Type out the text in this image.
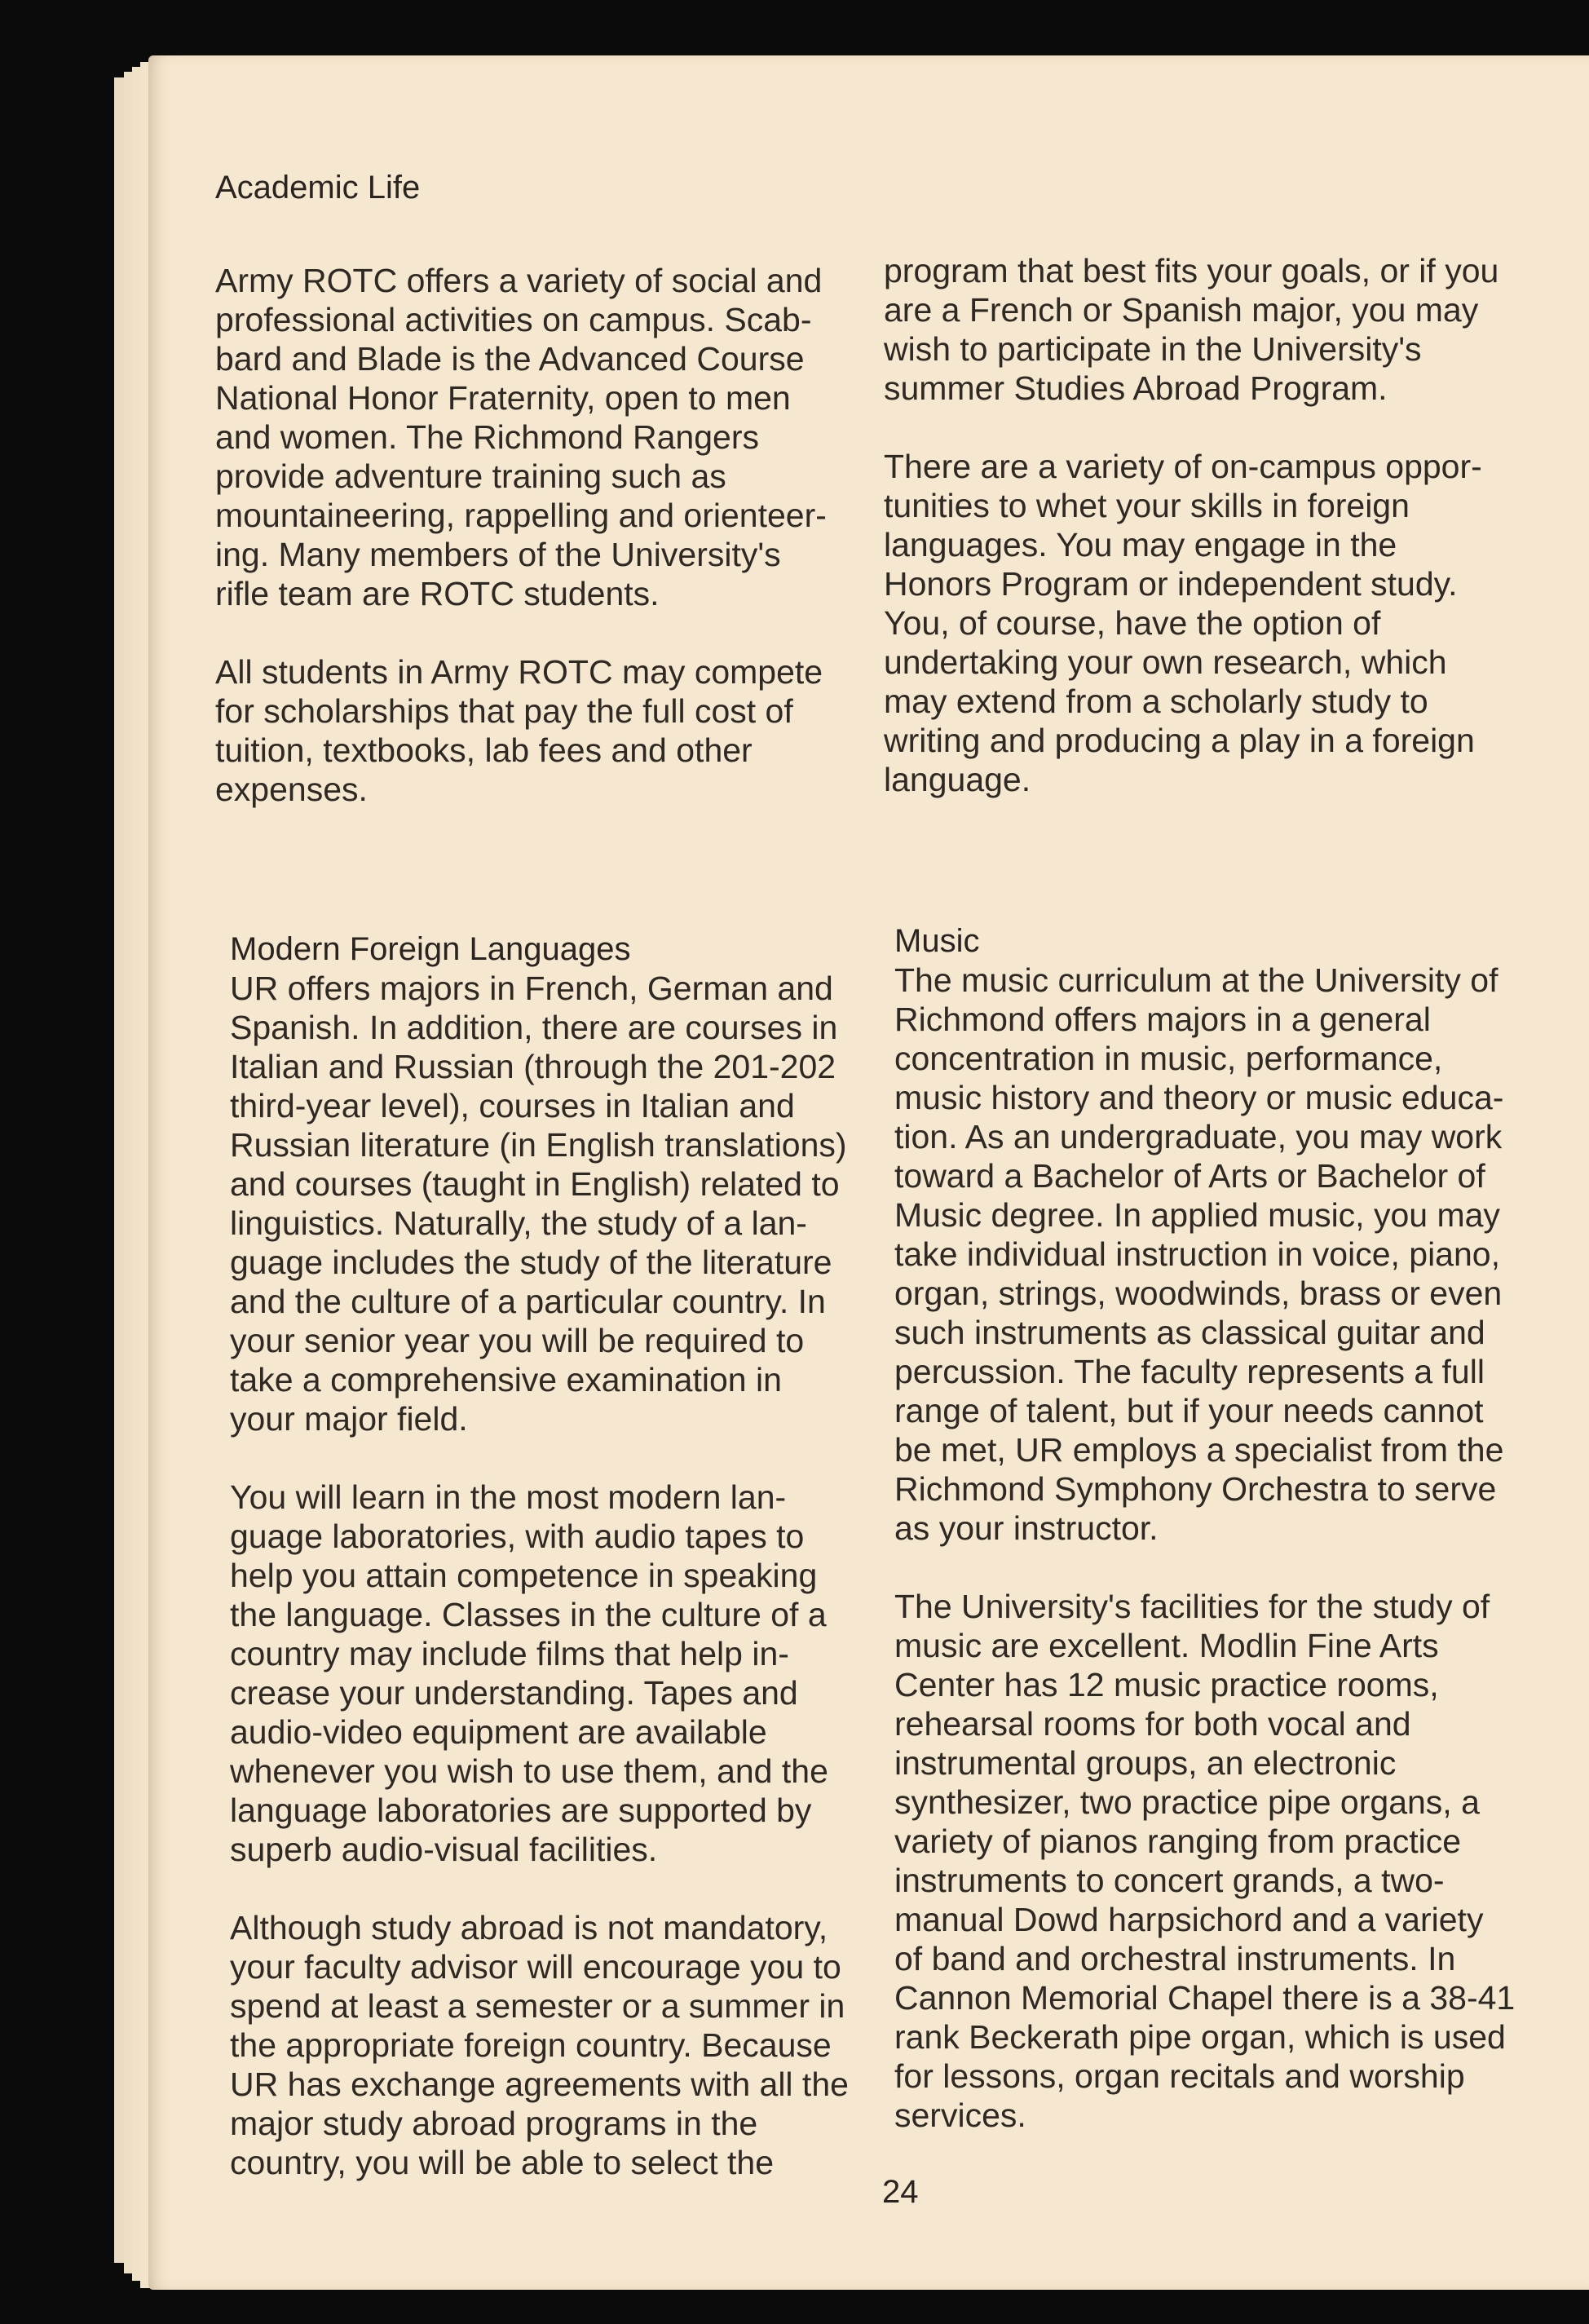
Academic Life

Army ROTC offers a variety of social and
professional activities on campus. Scab-
bard and Blade is the Advanced Course
National Honor Fraternity, open to men
and women. The Richmond Rangers
provide adventure training such as
mountaineering, rappelling and orienteer-
ing. Many members of the University's
rifle team are ROTC students.

All students in Army ROTC may compete
for scholarships that pay the full cost of
tuition, textbooks, lab fees and other
expenses.

program that best fits your goals, or if you
are a French or Spanish major, you may
wish to participate in the University's
summer Studies Abroad Program.

There are a variety of on-campus oppor-
tunities to whet your skills in foreign
languages. You may engage in the
Honors Program or independent study.
You, of course, have the option of
undertaking your own research, which
may extend from a scholarly study to
writing and producing a play in a foreign
language.

Modern Foreign Languages

UR offers majors in French, German and
Spanish. In addition, there are courses in
Italian and Russian (through the 201-202
third-year level), courses in Italian and
Russian literature (in English translations)
and courses (taught in English) related to
linguistics. Naturally, the study of a lan-
guage includes the study of the literature
and the culture of a particular country. In
your senior year you will be required to
take a comprehensive examination in
your major field.

You will learn in the most modern lan-
guage laboratories, with audio tapes to
help you attain competence in speaking
the language. Classes in the culture of a
country may include films that help in-
crease your understanding. Tapes and
audio-video equipment are available
whenever you wish to use them, and the
language laboratories are supported by
superb audio-visual facilities.

Although study abroad is not mandatory,
your faculty advisor will encourage you to
spend at least a semester or a summer in
the appropriate foreign country. Because
UR has exchange agreements with all the
major study abroad programs in the
country, you will be able to select the

Music

The music curriculum at the University of
Richmond offers majors in a general
concentration in music, performance,
music history and theory or music educa-
tion. As an undergraduate, you may work
toward a Bachelor of Arts or Bachelor of
Music degree. In applied music, you may
take individual instruction in voice, piano,
organ, strings, woodwinds, brass or even
such instruments as classical guitar and
percussion. The faculty represents a full
range of talent, but if your needs cannot
be met, UR employs a specialist from the
Richmond Symphony Orchestra to serve
as your instructor.

The University's facilities for the study of
music are excellent. Modlin Fine Arts
Center has 12 music practice rooms,
rehearsal rooms for both vocal and
instrumental groups, an electronic
synthesizer, two practice pipe organs, a
variety of pianos ranging from practice
instruments to concert grands, a two-
manual Dowd harpsichord and a variety
of band and orchestral instruments. In
Cannon Memorial Chapel there is a 38-41
rank Beckerath pipe organ, which is used
for lessons, organ recitals and worship
services.

24
